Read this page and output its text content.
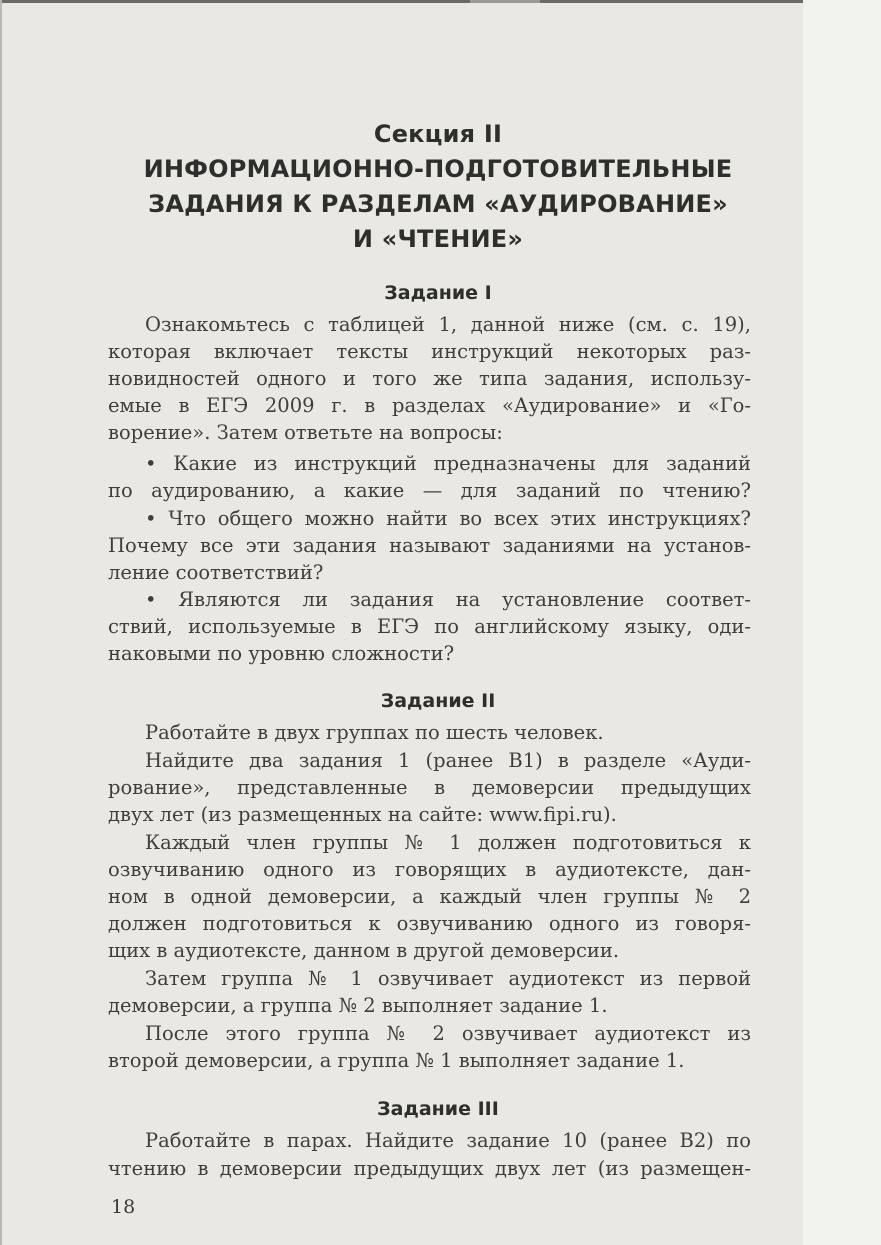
Секция II
ИНФОРМАЦИОННО-ПОДГОТОВИТЕЛЬНЫЕ
ЗАДАНИЯ К РАЗДЕЛАМ «АУДИРОВАНИЕ»
И «ЧТЕНИЕ»
Задание I
Ознакомьтесь с таблицей 1, данной ниже (см. с. 19),
которая включает тексты инструкций некоторых раз-
новидностей одного и того же типа задания, использу-
емые в ЕГЭ 2009 г. в разделах «Аудирование» и «Го-
ворение». Затем ответьте на вопросы:
• Какие из инструкций предназначены для заданий
по аудированию, а какие — для заданий по чтению?
• Что общего можно найти во всех этих инструкциях?
Почему все эти задания называют заданиями на установ-
ление соответствий?
• Являются ли задания на установление соответ-
ствий, используемые в ЕГЭ по английскому языку, оди-
наковыми по уровню сложности?
Задание II
Работайте в двух группах по шесть человек.
Найдите два задания 1 (ранее B1) в разделе «Ауди-
рование», представленные в демоверсии предыдущих
двух лет (из размещенных на сайте: www.fipi.ru).
Каждый член группы № 1 должен подготовиться к
озвучиванию одного из говорящих в аудиотексте, дан-
ном в одной демоверсии, а каждый член группы № 2
должен подготовиться к озвучиванию одного из говоря-
щих в аудиотексте, данном в другой демоверсии.
Затем группа № 1 озвучивает аудиотекст из первой
демоверсии, а группа № 2 выполняет задание 1.
После этого группа № 2 озвучивает аудиотекст из
второй демоверсии, а группа № 1 выполняет задание 1.
Задание III
Работайте в парах. Найдите задание 10 (ранее B2) по
чтению в демоверсии предыдущих двух лет (из размещен-
18
